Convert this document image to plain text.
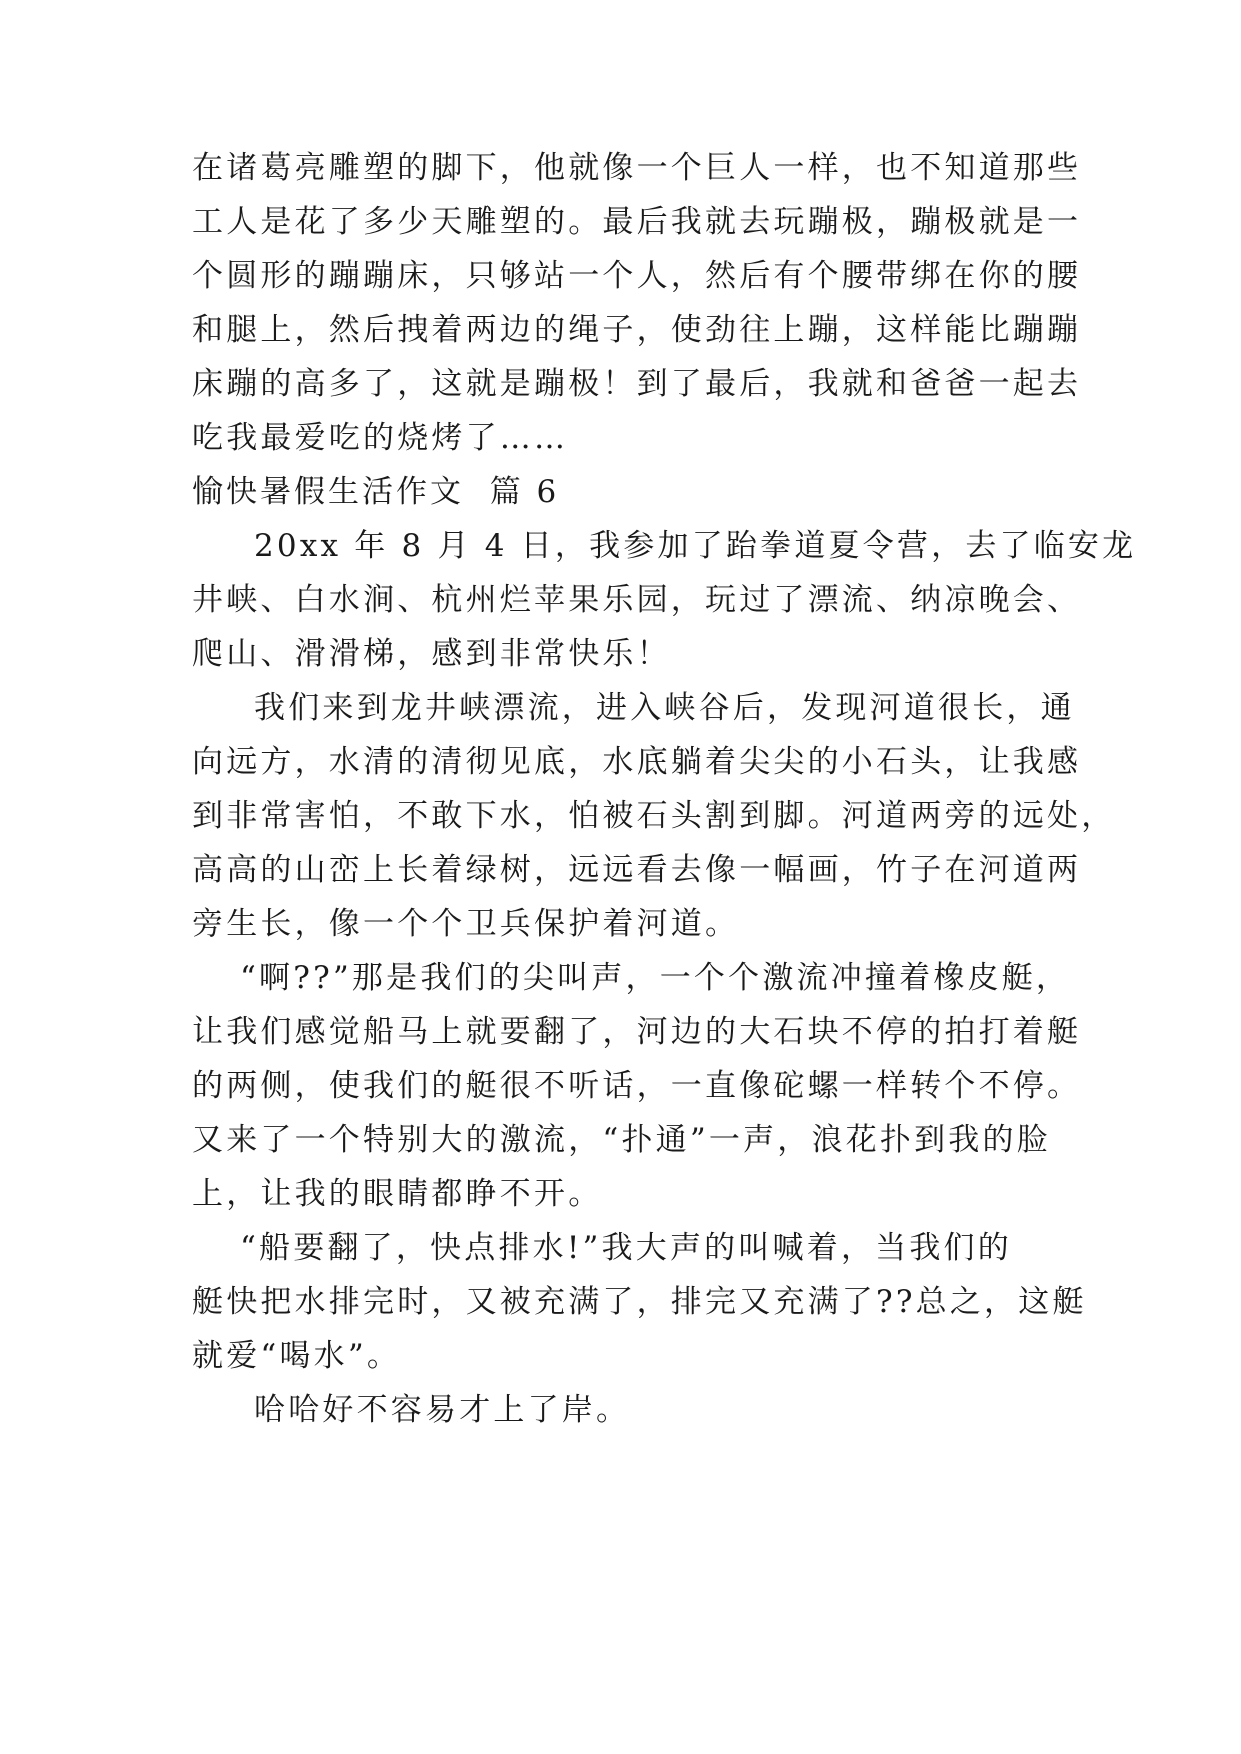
在诸葛亮雕塑的脚下，他就像一个巨人一样，也不知道那些
工人是花了多少天雕塑的。最后我就去玩蹦极，蹦极就是一
个圆形的蹦蹦床，只够站一个人，然后有个腰带绑在你的腰
和腿上，然后拽着两边的绳子，使劲往上蹦，这样能比蹦蹦
床蹦的高多了，这就是蹦极！到了最后，我就和爸爸一起去
吃我最爱吃的烧烤了……
愉快暑假生活作文  篇 6
20xx 年 8 月 4 日，我参加了跆拳道夏令营，去了临安龙
井峡、白水涧、杭州烂苹果乐园，玩过了漂流、纳凉晚会、
爬山、滑滑梯，感到非常快乐！
我们来到龙井峡漂流，进入峡谷后，发现河道很长，通
向远方，水清的清彻见底，水底躺着尖尖的小石头，让我感
到非常害怕，不敢下水，怕被石头割到脚。河道两旁的远处，
高高的山峦上长着绿树，远远看去像一幅画，竹子在河道两
旁生长，像一个个卫兵保护着河道。
“啊??”那是我们的尖叫声，一个个激流冲撞着橡皮艇，
让我们感觉船马上就要翻了，河边的大石块不停的拍打着艇
的两侧，使我们的艇很不听话，一直像砣螺一样转个不停。
又来了一个特别大的激流，“扑通”一声，浪花扑到我的脸
上，让我的眼睛都睁不开。
“船要翻了，快点排水!”我大声的叫喊着，当我们的
艇快把水排完时，又被充满了，排完又充满了??总之，这艇
就爱“喝水”。
哈哈好不容易才上了岸。
